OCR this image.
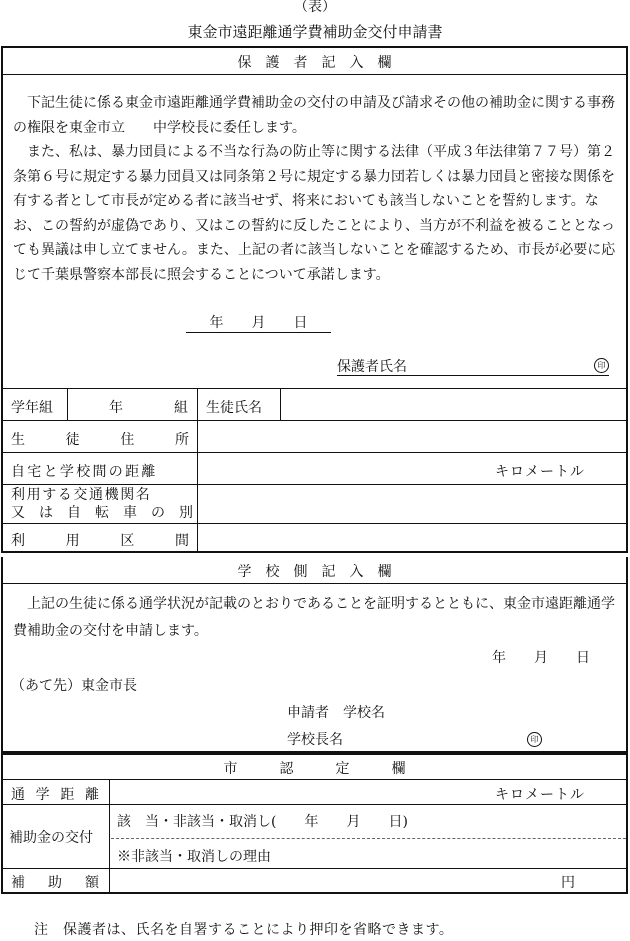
（表）
東金市遠距離通学費補助金交付申請書
保　護　者　記　入　欄
下記生徒に係る東金市遠距離通学費補助金の交付の申請及び請求その他の補助金に関する事務の権限を東金市立　　中学校長に委任します。
また、私は、暴力団員による不当な行為の防止等に関する法律（平成３年法律第７７号）第２条第６号に規定する暴力団員又は同条第２号に規定する暴力団若しくは暴力団員と密接な関係を有する者として市長が定める者に該当せず、将来においても該当しないことを誓約します。なお、この誓約が虚偽であり、又はこの誓約に反したことにより、当方が不利益を被ることとなっても異議は申し立てません。また、上記の者に該当しないことを確認するため、市長が必要に応じて千葉県警察本部長に照会することについて承諾します。
年　　月　　日
保護者氏名	印
学年組	年	組 生徒氏名
生	徒	住	所
自宅と学校間の距離	キロメートル
利用する交通機関名
又は自転車の別
利	用	区	間
学　校　側　記　入　欄
上記の生徒に係る通学状況が記載のとおりであることを証明するとともに、東金市遠距離通学費補助金の交付を申請します。
年　　月　　日
（あて先）東金市長
申請者　学校名
学校長名	印
市　　　認　　　定　　　欄
通 学 距 離	キロメートル
補助金の交付
該　当・非該当・取消し(　　年　　月　　日)
※非該当・取消しの理由
補 助 額	円
注　保護者は、氏名を自署することにより押印を省略できます。
